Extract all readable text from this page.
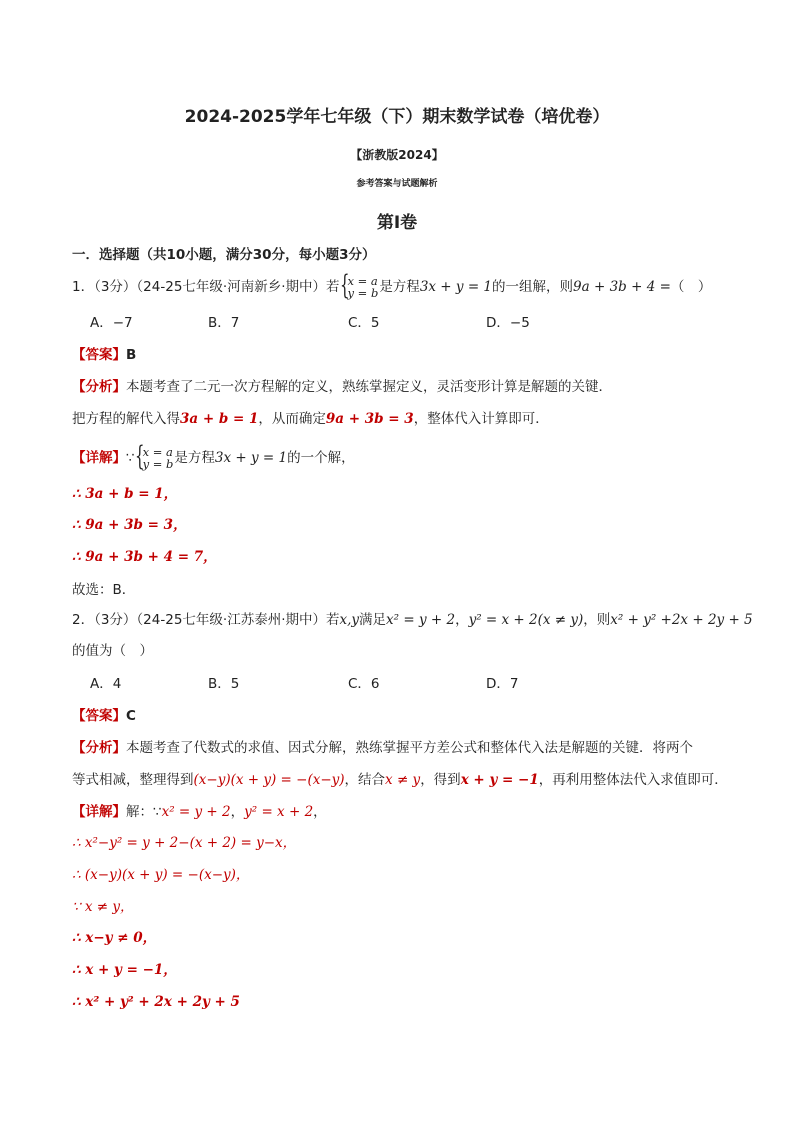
2024-2025学年七年级（下）期末数学试卷（培优卷）
【浙教版2024】
参考答案与试题解析
第Ⅰ卷
一．选择题（共10小题，满分30分，每小题3分）
1．（3分）（24-25七年级·河南新乡·期中）若 {
x = a
y = b 是方程3x + y = 1的一组解，则9a + 3b + 4 =（　）
A．−7	B．7	C．5	D．−5
【答案】B
【分析】本题考查了二元一次方程解的定义，熟练掌握定义，灵活变形计算是解题的关键．
把方程的解代入得3a + b = 1，从而确定9a + 3b = 3，整体代入计算即可．
【详解】∵ {
x = a
y = b 是方程3x + y = 1的一个解，
∴ 3a + b = 1，
∴ 9a + 3b = 3，
∴ 9a + 3b + 4 = 7，
故选：B．
2．（3分）（24-25七年级·江苏泰州·期中）若x,y满足x² = y + 2，y² = x + 2(x ≠ y)，则x² + y² +2x + 2y + 5
的值为（　）
A．4	B．5	C．6	D．7
【答案】C
【分析】本题考查了代数式的求值、因式分解，熟练掌握平方差公式和整体代入法是解题的关键．将两个
等式相减，整理得到(x−y)(x + y) = −(x−y)，结合x ≠ y，得到x + y = −1，再利用整体法代入求值即可．
【详解】解：∵x² = y + 2，y² = x + 2，
∴ x²−y² = y + 2−(x + 2) = y−x，
∴ (x−y)(x + y) = −(x−y)，
∵ x ≠ y，
∴ x−y ≠ 0，
∴ x + y = −1，
∴ x² + y² + 2x + 2y + 5
